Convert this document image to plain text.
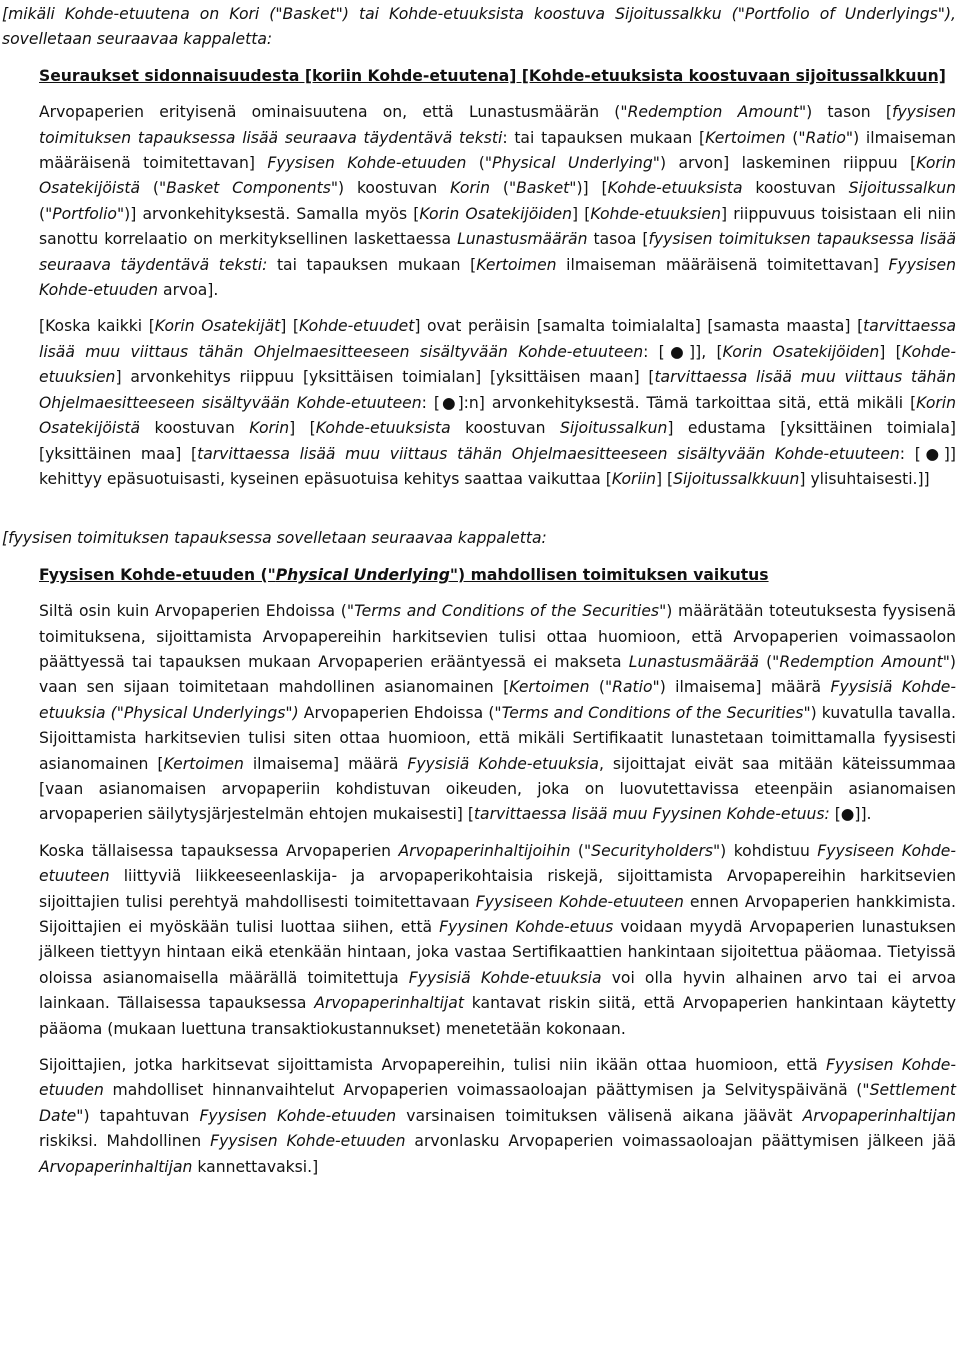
[mikäli Kohde-etuutena on Kori ("Basket") tai Kohde-etuuksista koostuva Sijoitussalkku ("Portfolio of Underlyings"), sovelletaan seuraavaa kappaletta:

Seuraukset sidonnaisuudesta [koriin Kohde-etuutena] [Kohde-etuuksista koostuvaan sijoitussalkkuun]

Arvopaperien erityisenä ominaisuutena on, että Lunastusmäärän ("Redemption Amount") tason [fyysisen toimituksen tapauksessa lisää seuraava täydentävä teksti: tai tapauksen mukaan [Kertoimen ("Ratio") ilmaiseman määräisenä toimitettavan] Fyysisen Kohde-etuuden ("Physical Underlying") arvon] laskeminen riippuu [Korin Osatekijöistä ("Basket Components") koostuvan Korin ("Basket")] [Kohde-etuuksista koostuvan Sijoitussalkun ("Portfolio")] arvonkehityksestä. Samalla myös [Korin Osatekijöiden] [Kohde-etuuksien] riippuvuus toisistaan eli niin sanottu korrelaatio on merkityksellinen laskettaessa Lunastusmäärän tasoa [fyysisen toimituksen tapauksessa lisää seuraava täydentävä teksti: tai tapauksen mukaan [Kertoimen ilmaiseman määräisenä toimitettavan] Fyysisen Kohde-etuuden arvoa].

[Koska kaikki [Korin Osatekijät] [Kohde-etuudet] ovat peräisin [samalta toimialalta] [samasta maasta] [tarvittaessa lisää muu viittaus tähän Ohjelmaesitteeseen sisältyvään Kohde-etuuteen: [●]], [Korin Osatekijöiden] [Kohde-etuuksien] arvonkehitys riippuu [yksittäisen toimialan] [yksittäisen maan] [tarvittaessa lisää muu viittaus tähän Ohjelmaesitteeseen sisältyvään Kohde-etuuteen: [●]:n] arvonkehityksestä. Tämä tarkoittaa sitä, että mikäli [Korin Osatekijöistä koostuvan Korin] [Kohde-etuuksista koostuvan Sijoitussalkun] edustama [yksittäinen toimiala] [yksittäinen maa] [tarvittaessa lisää muu viittaus tähän Ohjelmaesitteeseen sisältyvään Kohde-etuuteen: [●]] kehittyy epäsuotuisasti, kyseinen epäsuotuisa kehitys saattaa vaikuttaa [Koriin] [Sijoitussalkkuun] ylisuhtaisesti.]]

[fyysisen toimituksen tapauksessa sovelletaan seuraavaa kappaletta:

Fyysisen Kohde-etuuden ("Physical Underlying") mahdollisen toimituksen vaikutus

Siltä osin kuin Arvopaperien Ehdoissa ("Terms and Conditions of the Securities") määrätään toteutuksesta fyysisenä toimituksena, sijoittamista Arvopapereihin harkitsevien tulisi ottaa huomioon, että Arvopaperien voimassaolon päättyessä tai tapauksen mukaan Arvopaperien erääntyessä ei makseta Lunastusmäärää ("Redemption Amount") vaan sen sijaan toimitetaan mahdollinen asianomainen [Kertoimen ("Ratio") ilmaisema] määrä Fyysisiä Kohde-etuuksia ("Physical Underlyings") Arvopaperien Ehdoissa ("Terms and Conditions of the Securities") kuvatulla tavalla. Sijoittamista harkitsevien tulisi siten ottaa huomioon, että mikäli Sertifikaatit lunastetaan toimittamalla fyysisesti asianomainen [Kertoimen ilmaisema] määrä Fyysisiä Kohde-etuuksia, sijoittajat eivät saa mitään käteissummaa [vaan asianomaisen arvopaperiin kohdistuvan oikeuden, joka on luovutettavissa eteenpäin asianomaisen arvopaperien säilytysjärjestelmän ehtojen mukaisesti] [tarvittaessa lisää muu Fyysinen Kohde-etuus: [●]].

Koska tällaisessa tapauksessa Arvopaperien Arvopaperinhaltijoihin ("Securityholders") kohdistuu Fyysiseen Kohde-etuuteen liittyviä liikkeeseenlaskija- ja arvopaperikohtaisia riskejä, sijoittamista Arvopapereihin harkitsevien sijoittajien tulisi perehtyä mahdollisesti toimitettavaan Fyysiseen Kohde-etuuteen ennen Arvopaperien hankkimista. Sijoittajien ei myöskään tulisi luottaa siihen, että Fyysinen Kohde-etuus voidaan myydä Arvopaperien lunastuksen jälkeen tiettyyn hintaan eikä etenkään hintaan, joka vastaa Sertifikaattien hankintaan sijoitettua pääomaa. Tietyissä oloissa asianomaisella määrällä toimitettuja Fyysisiä Kohde-etuuksia voi olla hyvin alhainen arvo tai ei arvoa lainkaan. Tällaisessa tapauksessa Arvopaperinhaltijat kantavat riskin siitä, että Arvopaperien hankintaan käytetty pääoma (mukaan luettuna transaktiokustannukset) menetetään kokonaan.

Sijoittajien, jotka harkitsevat sijoittamista Arvopapereihin, tulisi niin ikään ottaa huomioon, että Fyysisen Kohde-etuuden mahdolliset hinnanvaihtelut Arvopaperien voimassaoloajan päättymisen ja Selvityspäivänä ("Settlement Date") tapahtuvan Fyysisen Kohde-etuuden varsinaisen toimituksen välisenä aikana jäävät Arvopaperinhaltijan riskiksi. Mahdollinen Fyysisen Kohde-etuuden arvonlasku Arvopaperien voimassaoloajan päättymisen jälkeen jää Arvopaperinhaltijan kannettavaksi.]
